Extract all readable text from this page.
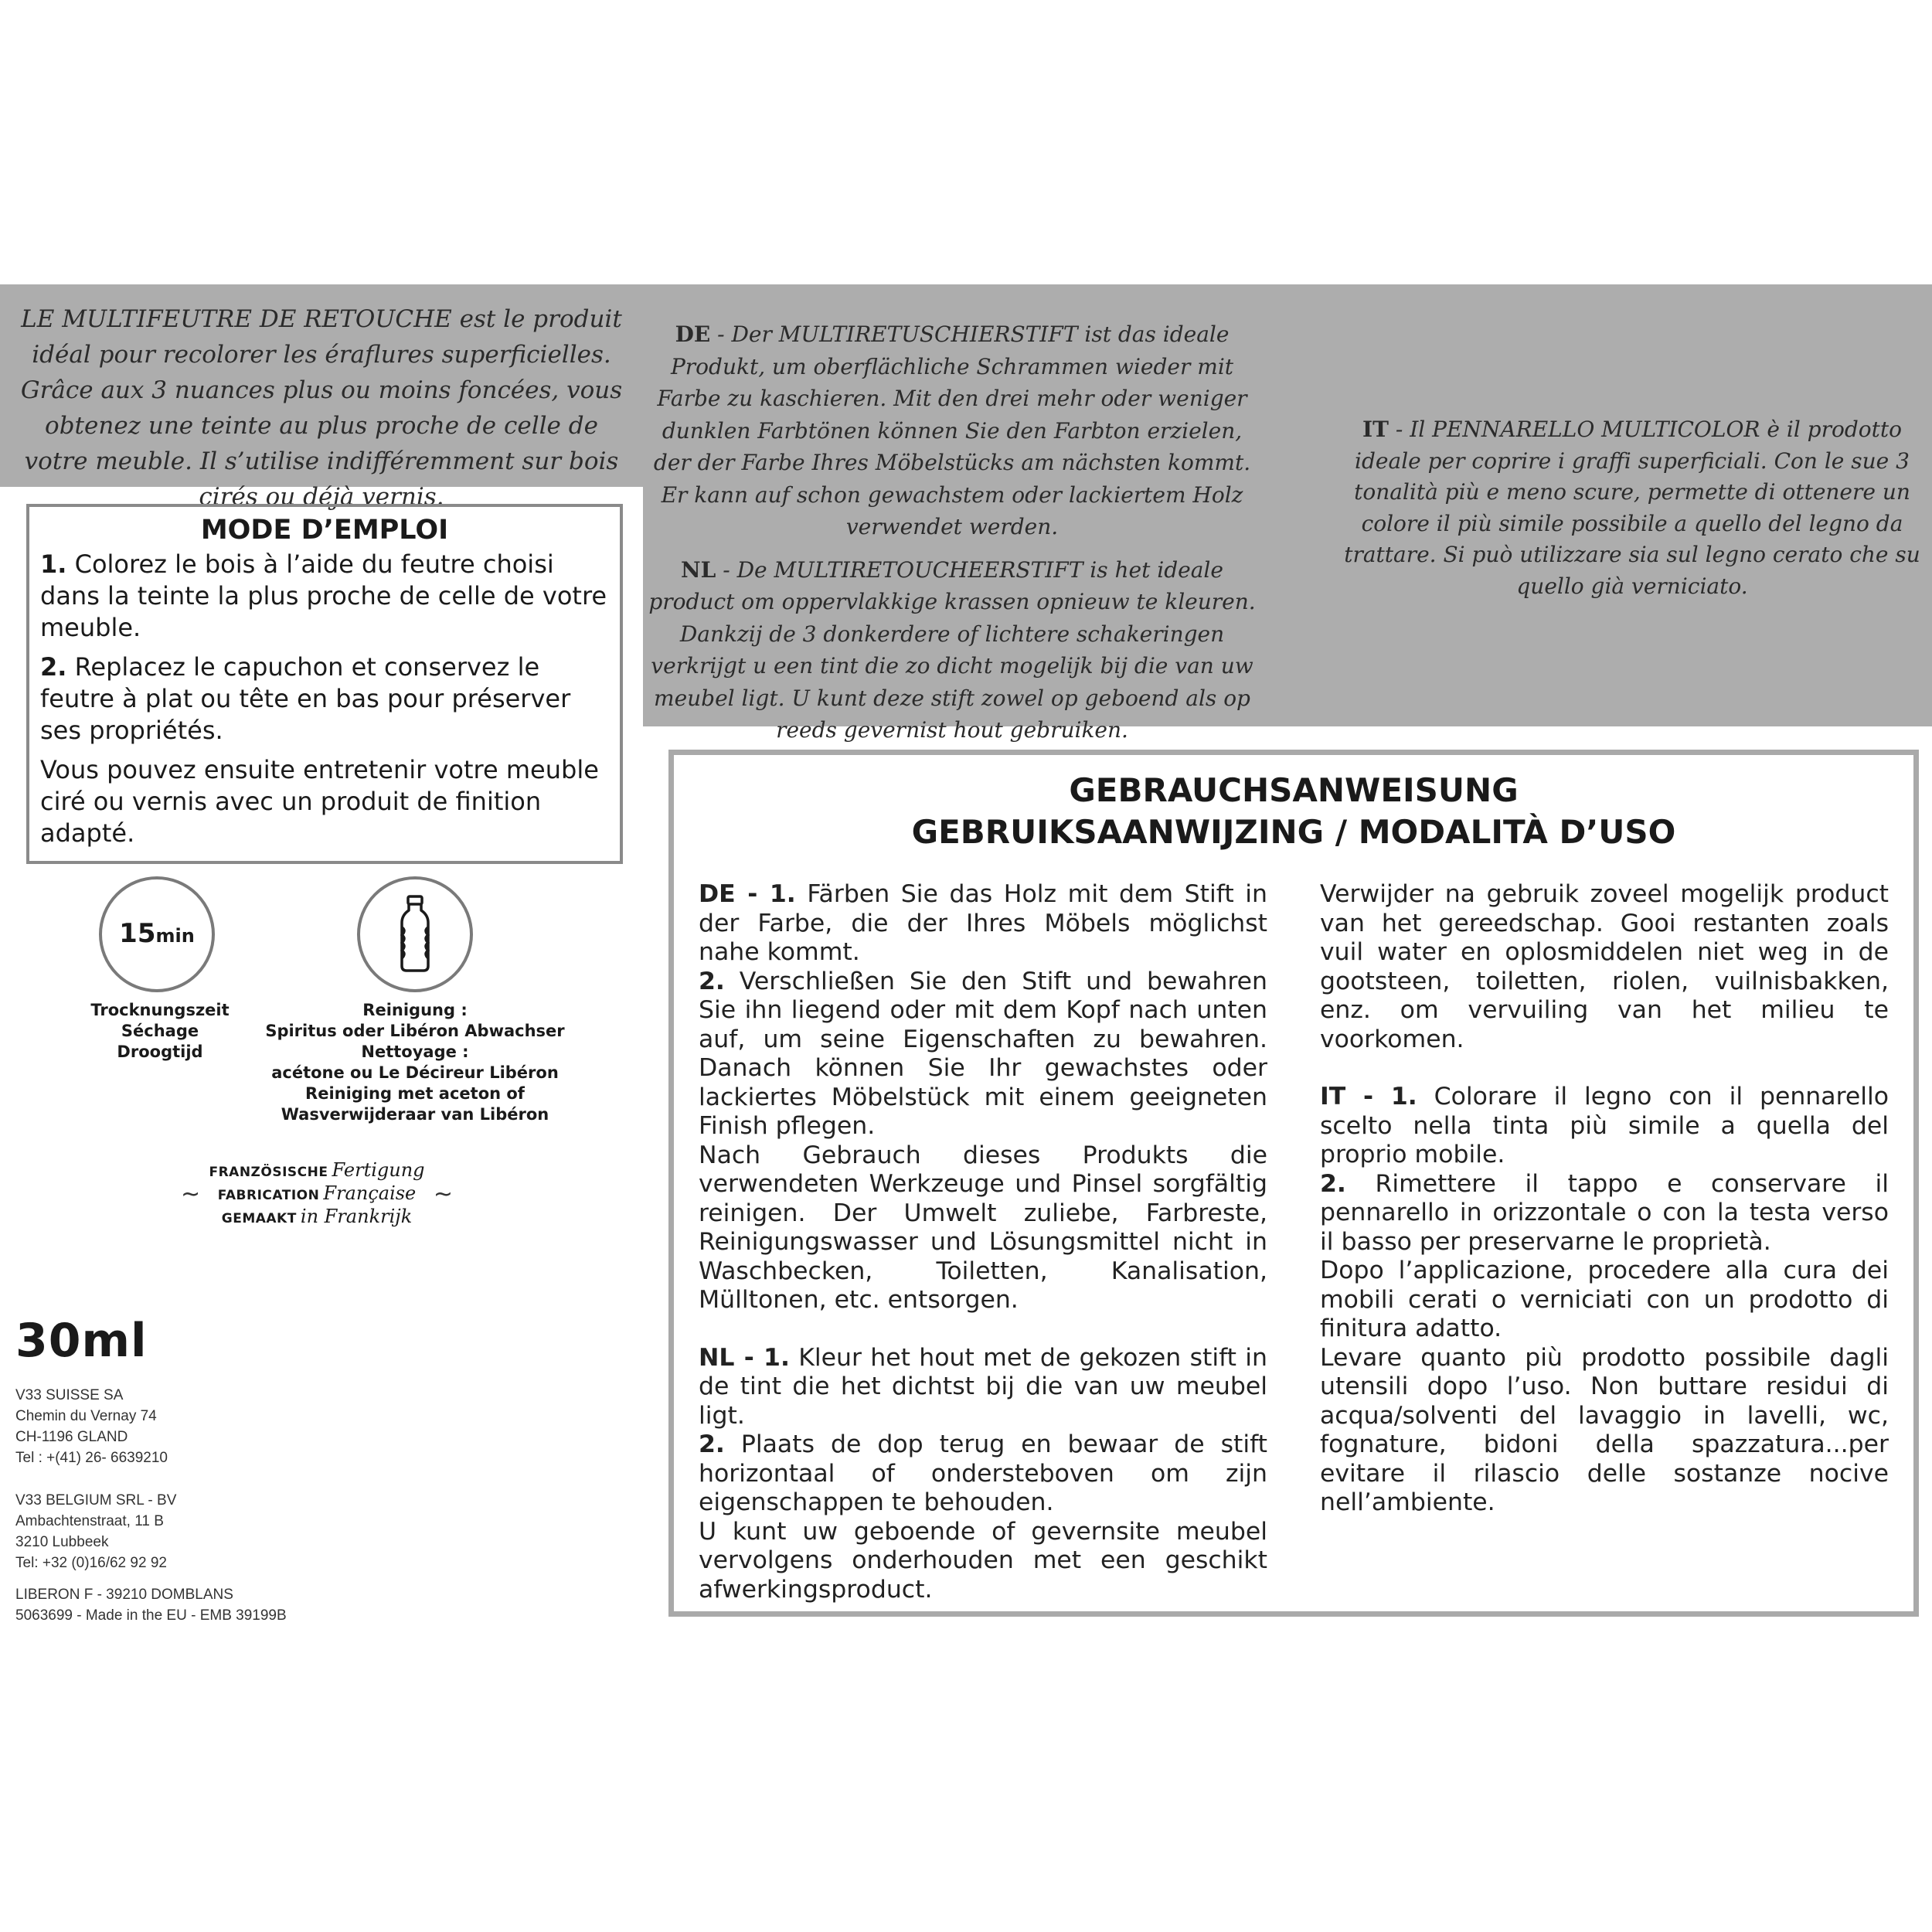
LE MULTIFEUTRE DE RETOUCHE est le produit idéal pour recolorer les éraflures superficielles. Grâce aux 3 nuances plus ou moins foncées, vous obtenez une teinte au plus proche de celle de votre meuble. Il s’utilise indifféremment sur bois cirés ou déjà vernis.

DE - Der MULTIRETUSCHIERSTIFT ist das ideale Produkt, um oberflächliche Schrammen wieder mit Farbe zu kaschieren. Mit den drei mehr oder weniger dunklen Farbtönen können Sie den Farbton erzielen, der der Farbe Ihres Möbelstücks am nächsten kommt. Er kann auf schon gewachstem oder lackiertem Holz verwendet werden.

NL - De MULTIRETOUCHEERSTIFT is het ideale product om oppervlakkige krassen opnieuw te kleuren. Dankzij de 3 donkerdere of lichtere schakeringen verkrijgt u een tint die zo dicht mogelijk bij die van uw meubel ligt. U kunt deze stift zowel op geboend als op reeds gevernist hout gebruiken.

IT - Il PENNARELLO MULTICOLOR è il prodotto ideale per coprire i graffi superficiali. Con le sue 3 tonalità più e meno scure, permette di ottenere un colore il più simile possibile a quello del legno da trattare. Si può utilizzare sia sul legno cerato che su quello già verniciato.
MODE D’EMPLOI

1. Colorez le bois à l’aide du feutre choisi dans la teinte la plus proche de celle de votre meuble.

2. Replacez le capuchon et conservez le feutre à plat ou tête en bas pour préserver ses propriétés.

Vous pouvez ensuite entretenir votre meuble ciré ou vernis avec un produit de finition adapté.

15min
Trocknungszeit
Séchage
Droogtijd
Reinigung :
Spiritus oder Libéron Abwachser
Nettoyage :
acétone ou Le Décireur Libéron
Reiniging met aceton of
Wasverwijderaar van Libéron
~	~
FRANZÖSISCHE Fertigung
FABRICATION Française
GEMAAKT in Frankrijk
30ml
V33 SUISSE SA
Chemin du Vernay 74
CH-1196 GLAND
Tel : +(41) 26- 6639210
V33 BELGIUM SRL - BV
Ambachtenstraat, 11 B
3210 Lubbeek
Tel: +32 (0)16/62 92 92
LIBERON F - 39210 DOMBLANS
5063699 - Made in the EU - EMB 39199B
GEBRAUCHSANWEISUNG
GEBRUIKSAANWIJZING / MODALITÀ D’USO

DE - 1. Färben Sie das Holz mit dem Stift in der Farbe, die der Ihres Möbels möglichst nahe kommt.

2. Verschließen Sie den Stift und bewahren Sie ihn liegend oder mit dem Kopf nach unten auf, um seine Eigenschaften zu bewahren. Danach können Sie Ihr gewachstes oder lackiertes Möbelstück mit einem geeigneten Finish pflegen.

Nach Gebrauch dieses Produkts die verwendeten Werkzeuge und Pinsel sorgfältig reinigen. Der Umwelt zuliebe, Farbreste, Reinigungswasser und Lösungsmittel nicht in Waschbecken, Toiletten, Kanalisation, Mülltonen, etc. entsorgen.

NL - 1. Kleur het hout met de gekozen stift in de tint die het dichtst bij die van uw meubel ligt.

2. Plaats de dop terug en bewaar de stift horizontaal of ondersteboven om zijn eigenschappen te behouden.

U kunt uw geboende of gevernsite meubel vervolgens onderhouden met een geschikt afwerkingsproduct.

Verwijder na gebruik zoveel mogelijk product van het gereedschap. Gooi restanten zoals vuil water en oplosmiddelen niet weg in de gootsteen, toiletten, riolen, vuilnisbakken, enz. om vervuiling van het milieu te voorkomen.

IT - 1. Colorare il legno con il pennarello scelto nella tinta più simile a quella del proprio mobile.

2. Rimettere il tappo e conservare il pennarello in orizzontale o con la testa verso il basso per preservarne le proprietà.

Dopo l’applicazione, procedere alla cura dei mobili cerati o verniciati con un prodotto di finitura adatto.

Levare quanto più prodotto possibile dagli utensili dopo l’uso. Non buttare residui di acqua/solventi del lavaggio in lavelli, wc, fognature, bidoni della spazzatura...per evitare il rilascio delle sostanze nocive nell’ambiente.
